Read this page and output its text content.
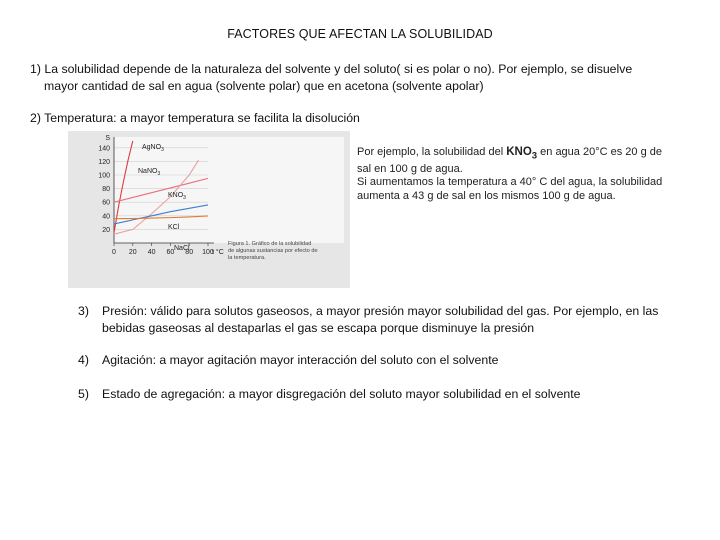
FACTORES QUE AFECTAN LA SOLUBILIDAD
1) La solubilidad depende de la naturaleza del solvente y del soluto( si es polar o no). Por ejemplo, se disuelve
mayor cantidad de sal en agua (solvente polar) que en acetona (solvente apolar)
2) Temperatura: a mayor temperatura se facilita la disolución
20
40
60
80
100
120
140
0 20 40 60 80 100
S
t °C
AgNO$_3$
NaNO$_3$
$KNO_3$
KCl
NaCl
Figura 1. Gráfico de la solubilidad
de algunas sustancias por efecto de
la temperatura.
Por ejemplo, la solubilidad del $KNO_3$ en agua 20°C es 20 g de sal en 100 g de agua.
Si aumentamos la temperatura a 40° C del agua, la solubilidad aumenta a 43 g de sal en los mismos 100 g de agua.
3) Presión: válido para solutos gaseosos, a mayor presión mayor solubilidad del gas. Por ejemplo, en las bebidas gaseosas al destaparlas el gas se escapa porque disminuye la presión
4) Agitación: a mayor agitación mayor interacción del soluto con el solvente
5) Estado de agregación: a mayor disgregación del soluto mayor solubilidad en el solvente
